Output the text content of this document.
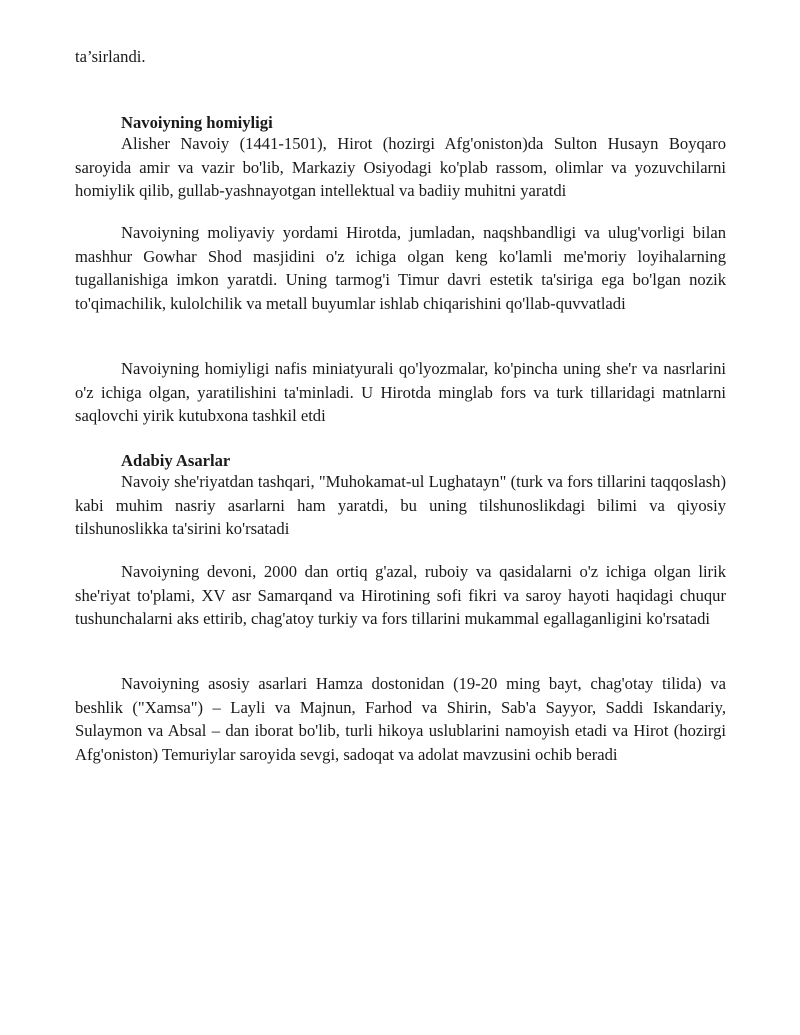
ta’sirlandi.

Navoiyning homiyligi

Alisher Navoiy (1441-1501), Hirot (hozirgi Afg'oniston)da Sulton Husayn Boyqaro saroyida amir va vazir bo'lib, Markaziy Osiyodagi ko'plab rassom, olimlar va yozuvchilarni homiylik qilib, gullab-yashnayotgan intellektual va badiiy muhitni yaratdi

Navoiyning moliyaviy yordami Hirotda, jumladan, naqshbandligi va ulug'vorligi bilan mashhur Gowhar Shod masjidini o'z ichiga olgan keng ko'lamli me'moriy loyihalarning tugallanishiga imkon yaratdi. Uning tarmog'i Timur davri estetik ta'siriga ega bo'lgan nozik to'qimachilik, kulolchilik va metall buyumlar ishlab chiqarishini qo'llab-quvvatladi

Navoiyning homiyligi nafis miniatyurali qo'lyozmalar, ko'pincha uning she'r va nasrlarini o'z ichiga olgan, yaratilishini ta'minladi. U Hirotda minglab fors va turk tillaridagi matnlarni saqlovchi yirik kutubxona tashkil etdi

Adabiy Asarlar

Navoiy she'riyatdan tashqari, "Muhokamat-ul Lughatayn" (turk va fors tillarini taqqoslash) kabi muhim nasriy asarlarni ham yaratdi, bu uning tilshunoslikdagi bilimi va qiyosiy tilshunoslikka ta'sirini ko'rsatadi

Navoiyning devoni, 2000 dan ortiq g'azal, ruboiy va qasidalarni o'z ichiga olgan lirik she'riyat to'plami, XV asr Samarqand va Hirotining sofi fikri va saroy hayoti haqidagi chuqur tushunchalarni aks ettirib, chag'atoy turkiy va fors tillarini mukammal egallaganligini ko'rsatadi

Navoiyning asosiy asarlari Hamza dostonidan (19-20 ming bayt, chag'otay tilida) va beshlik ("Xamsa") – Layli va Majnun, Farhod va Shirin, Sab'a Sayyor, Saddi Iskandariy, Sulaymon va Absal – dan iborat bo'lib, turli hikoya uslublarini namoyish etadi va Hirot (hozirgi Afg'oniston) Temuriylar saroyida sevgi, sadoqat va adolat mavzusini ochib beradi
